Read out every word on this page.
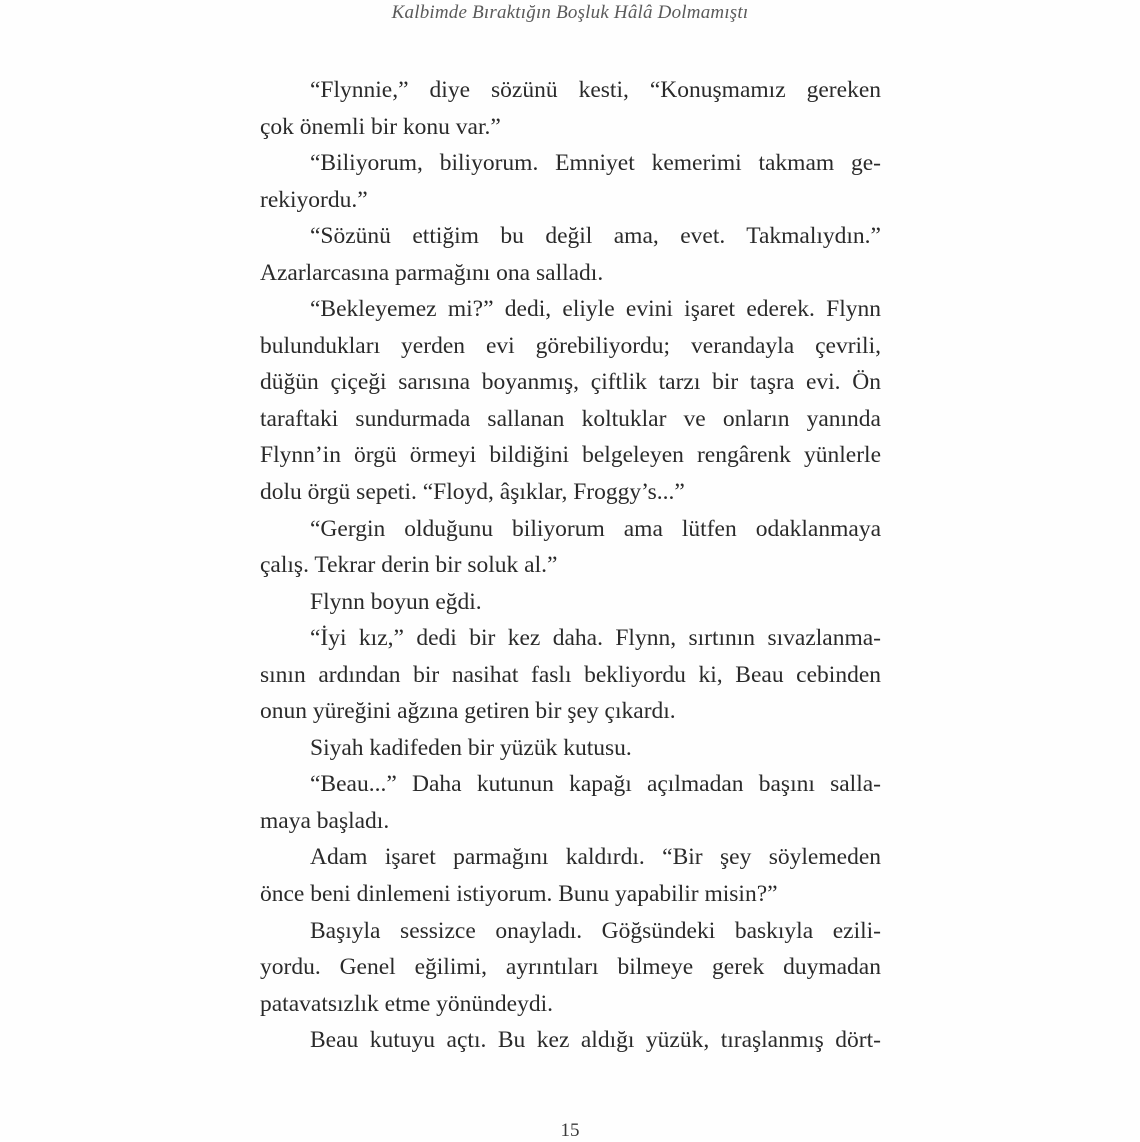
Kalbimde Bıraktığın Boşluk Hâlâ Dolmamıştı
“Flynnie,” diye sözünü kesti, “Konuşmamız gereken
çok önemli bir konu var.”
“Biliyorum, biliyorum. Emniyet kemerimi takmam ge-
rekiyordu.”
“Sözünü ettiğim bu değil ama, evet. Takmalıydın.”
Azarlarcasına parmağını ona salladı.
“Bekleyemez mi?” dedi, eliyle evini işaret ederek. Flynn
bulundukları yerden evi görebiliyordu; verandayla çevrili,
düğün çiçeği sarısına boyanmış, çiftlik tarzı bir taşra evi. Ön
taraftaki sundurmada sallanan koltuklar ve onların yanında
Flynn’in örgü örmeyi bildiğini belgeleyen rengârenk yünlerle
dolu örgü sepeti. “Floyd, âşıklar, Froggy’s...”
“Gergin olduğunu biliyorum ama lütfen odaklanmaya
çalış. Tekrar derin bir soluk al.”
Flynn boyun eğdi.
“İyi kız,” dedi bir kez daha. Flynn, sırtının sıvazlanma-
sının ardından bir nasihat faslı bekliyordu ki, Beau cebinden
onun yüreğini ağzına getiren bir şey çıkardı.
Siyah kadifeden bir yüzük kutusu.
“Beau...” Daha kutunun kapağı açılmadan başını salla-
maya başladı.
Adam işaret parmağını kaldırdı. “Bir şey söylemeden
önce beni dinlemeni istiyorum. Bunu yapabilir misin?”
Başıyla sessizce onayladı. Göğsündeki baskıyla ezili-
yordu. Genel eğilimi, ayrıntıları bilmeye gerek duymadan
patavatsızlık etme yönündeydi.
Beau kutuyu açtı. Bu kez aldığı yüzük, tıraşlanmış dört-
15
